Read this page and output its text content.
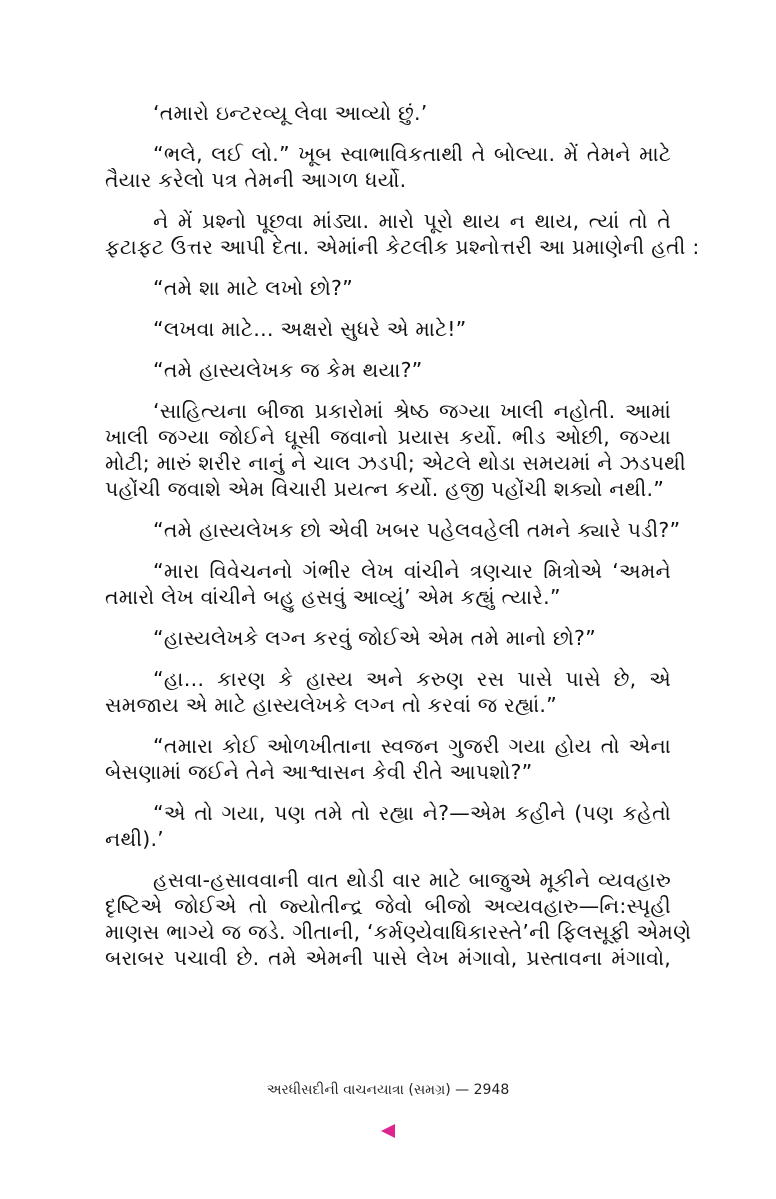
‘તમારો ઇન્ટરવ્યૂ લેવા આવ્યો છું.’
“ભલે, લઈ લો.” ખૂબ સ્વાભાવિકતાથી તે બોલ્યા. મેં તેમને માટે
તૈયાર કરેલો પત્ર તેમની આગળ ધર્યો.
ને મેં પ્રશ્નો પૂછવા માંડ્યા. મારો પૂરો થાય ન થાય, ત્યાં તો તે
ફટાફટ ઉત્તર આપી દેતા. એમાંની કેટલીક પ્રશ્નોત્તરી આ પ્રમાણેની હતી :
“તમે શા માટે લખો છો?”
“લખવા માટે… અક્ષરો સુધરે એ માટે!”
“તમે હાસ્યલેખક જ કેમ થયા?”
‘સાહિત્યના બીજા પ્રકારોમાં શ્રેષ્ઠ જગ્યા ખાલી નહોતી. આમાં
ખાલી જગ્યા જોઈને ઘૂસી જવાનો પ્રયાસ કર્યો. ભીડ ઓછી, જગ્યા
મોટી; મારું શરીર નાનું ને ચાલ ઝડપી; એટલે થોડા સમયમાં ને ઝડપથી
પહોંચી જવાશે એમ વિચારી પ્રયત્ન કર્યો. હજી પહોંચી શક્યો નથી.”
“તમે હાસ્યલેખક છો એવી ખબર પહેલવહેલી તમને ક્યારે પડી?”
“મારા વિવેચનનો ગંભીર લેખ વાંચીને ત્રણચાર મિત્રોએ ‘અમને
તમારો લેખ વાંચીને બહુ હસવું આવ્યું’ એમ કહ્યું ત્યારે.”
“હાસ્યલેખકે લગ્ન કરવું જોઈએ એમ તમે માનો છો?”
“હા… કારણ કે હાસ્ય અને કરુણ રસ પાસે પાસે છે, એ
સમજાય એ માટે હાસ્યલેખકે લગ્ન તો કરવાં જ રહ્યાં.”
“તમારા કોઈ ઓળખીતાના સ્વજન ગુજરી ગયા હોય તો એના
બેસણામાં જઈને તેને આશ્વાસન કેવી રીતે આપશો?”
“એ તો ગયા, પણ તમે તો રહ્યા ને?—એમ કહીને (પણ કહેતો
નથી).’
હસવા-હસાવવાની વાત થોડી વાર માટે બાજુએ મૂકીને વ્યવહારુ
દૃષ્ટિએ જોઈએ તો જ્યોતીન્દ્ર જેવો બીજો અવ્યવહારુ—નિ:સ્પૃહી
માણસ ભાગ્યે જ જડે. ગીતાની, ‘કર્મણ્યેવાધિકારસ્તે’ની ફિલસૂફી એમણે
બરાબર પચાવી છે. તમે એમની પાસે લેખ મંગાવો, પ્રસ્તાવના મંગાવો,
અરધીસદીની વાચનયાત્રા (સમગ્ર) — 2948
